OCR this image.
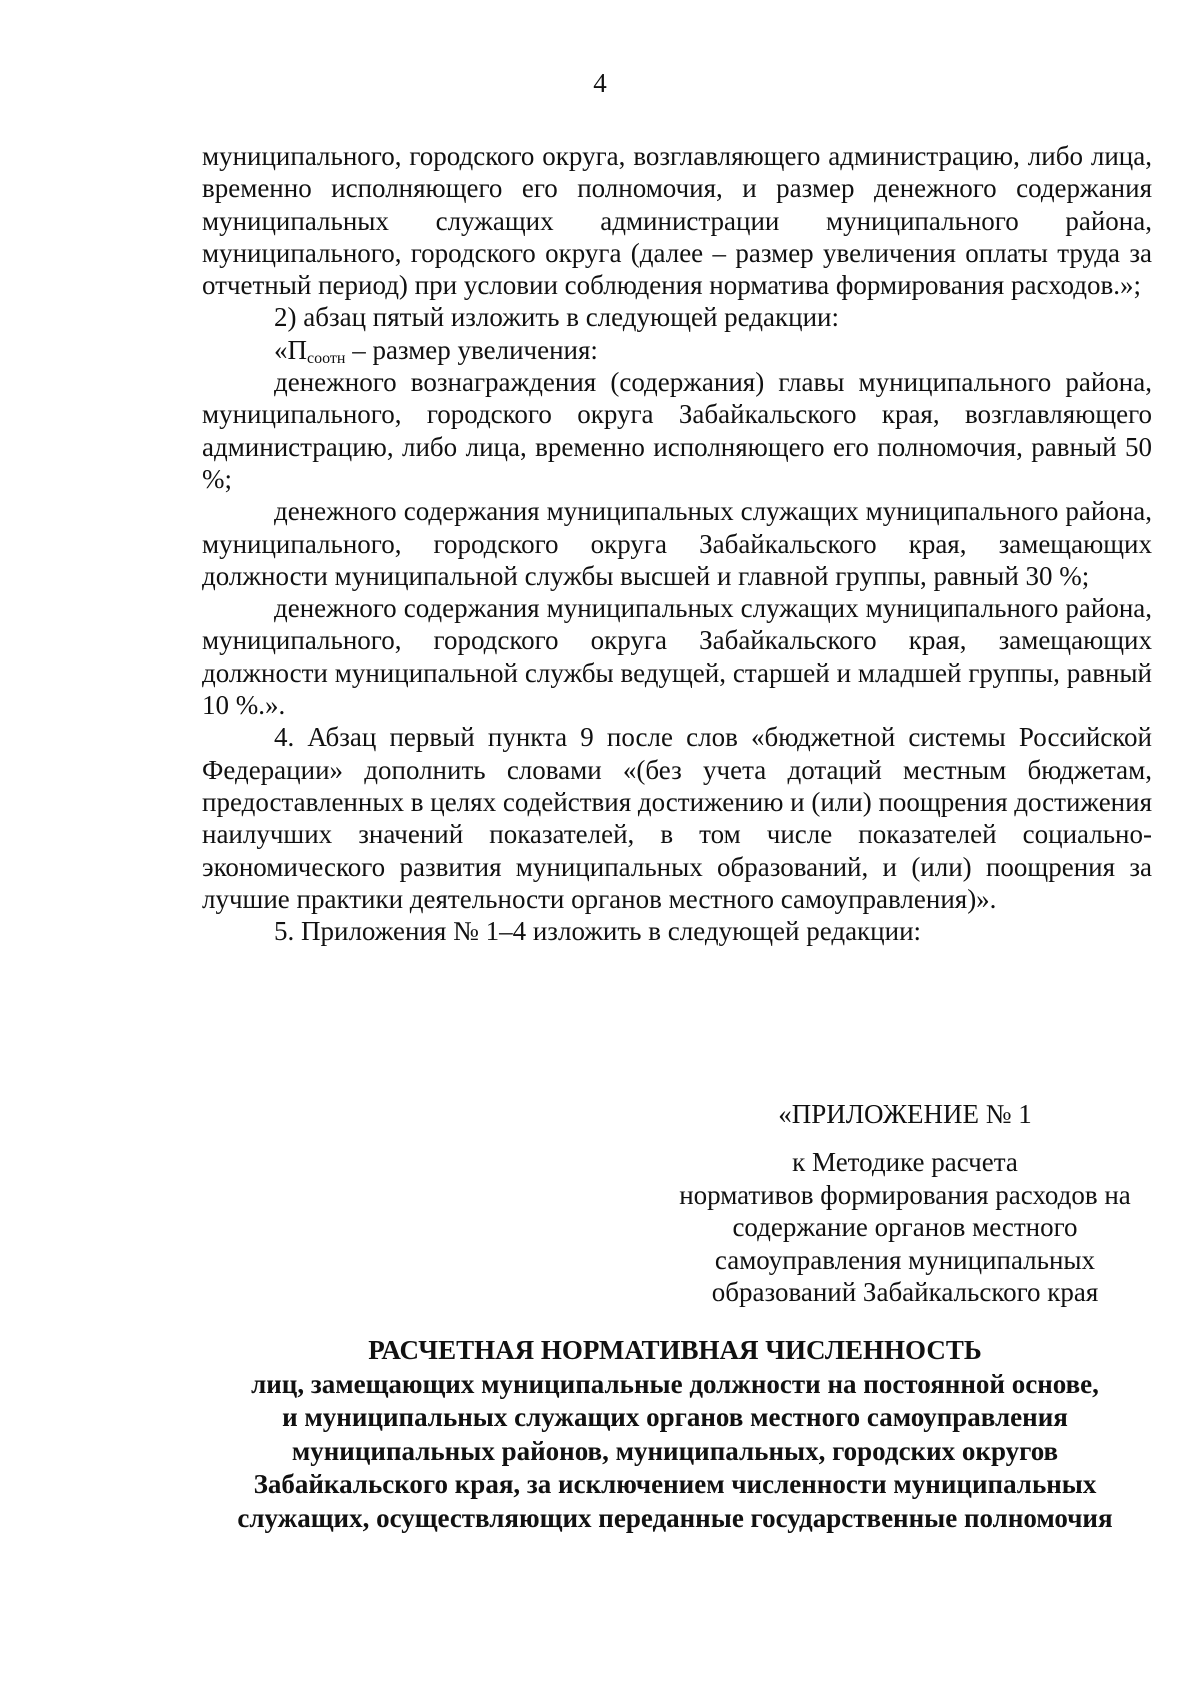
4

муниципального, городского округа, возглавляющего администрацию, либо лица, временно исполняющего его полномочия, и размер денежного содержания муниципальных служащих администрации муниципального района, муниципального, городского округа (далее – размер увеличения оплаты труда за отчетный период) при условии соблюдения норматива формирования расходов.»;

2) абзац пятый изложить в следующей редакции:

«$П_{соотн}$ – размер увеличения:

денежного вознаграждения (содержания) главы муниципального района, муниципального, городского округа Забайкальского края, возглавляющего администрацию, либо лица, временно исполняющего его полномочия, равный 50 %;

денежного содержания муниципальных служащих муниципального района, муниципального, городского округа Забайкальского края, замещающих должности муниципальной службы высшей и главной группы, равный 30 %;

денежного содержания муниципальных служащих муниципального района, муниципального, городского округа Забайкальского края, замещающих должности муниципальной службы ведущей, старшей и младшей группы, равный 10 %.».

4. Абзац первый пункта 9 после слов «бюджетной системы Российской Федерации» дополнить словами «(без учета дотаций местным бюджетам, предоставленных в целях содействия достижению и (или) поощрения достижения наилучших значений показателей, в том числе показателей социально-экономического развития муниципальных образований, и (или) поощрения за лучшие практики деятельности органов местного самоуправления)».

5. Приложения № 1–4 изложить в следующей редакции:

«ПРИЛОЖЕНИЕ № 1
к Методике расчета
нормативов формирования расходов на
содержание органов местного
самоуправления муниципальных
образований Забайкальского края
РАСЧЕТНАЯ НОРМАТИВНАЯ ЧИСЛЕННОСТЬ
лиц, замещающих муниципальные должности на постоянной основе,
и муниципальных служащих органов местного самоуправления
муниципальных районов, муниципальных, городских округов
Забайкальского края, за исключением численности муниципальных
служащих, осуществляющих переданные государственные полномочия
